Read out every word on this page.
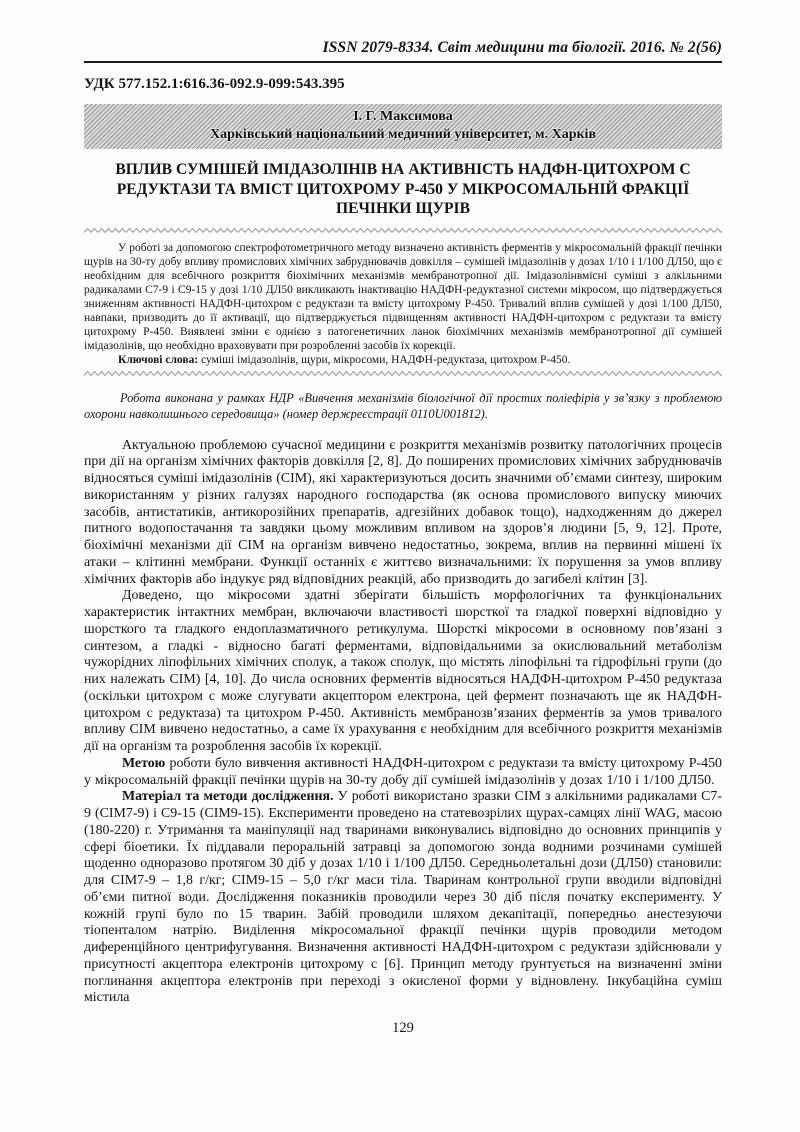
ISSN 2079-8334. Світ медицини та біології. 2016. № 2(56)
УДК 577.152.1:616.36-092.9-099:543.395
І. Г. Максимова
Харківський національний медичний університет, м. Харків
ВПЛИВ СУМІШЕЙ ІМІДАЗОЛІНІВ НА АКТИВНІСТЬ НАДФН-ЦИТОХРОМ С РЕДУКТАЗИ ТА ВМІСТ ЦИТОХРОМУ Р-450 У МІКРОСОМАЛЬНІЙ ФРАКЦІЇ ПЕЧІНКИ ЩУРІВ

У роботі за допомогою спектрофотометричного методу визначено активність ферментів у мікросомальній фракції печінки щурів на 30-ту добу впливу промислових хімічних забруднювачів довкілля – сумішей імідазолінів у дозах 1/10 і 1/100 ДЛ50, що є необхідним для всебічного розкриття біохімічних механізмів мембранотропної дії. Імідазолінвмісні суміші з алкільними радикалами С7-9 і С9-15 у дозі 1/10 ДЛ50 викликають інактивацію НАДФН-редуктазної системи мікросом, що підтверджується зниженням активності НАДФН-цитохром с редуктази та вмісту цитохрому Р-450. Тривалий вплив сумішей у дозі 1/100 ДЛ50, навпаки, призводить до її активації, що підтверджується підвищенням активності НАДФН-цитохром с редуктази та вмісту цитохрому Р-450. Виявлені зміни є однією з патогенетичних ланок біохімічних механізмів мембранотропної дії сумішей імідазолінів, що необхідно враховувати при розробленні засобів їх корекції.

Ключові слова: суміші імідазолінів, щури, мікросоми, НАДФН-редуктаза, цитохром Р-450.

Робота виконана у рамках НДР «Вивчення механізмів біологічної дії простих поліефірів у зв’язку з проблемою охорони навколишнього середовища» (номер держреєстрації 0110U001812).

Актуальною проблемою сучасної медицини є розкриття механізмів розвитку патологічних процесів при дії на організм хімічних факторів довкілля [2, 8]. До поширених промислових хімічних забруднювачів відносяться суміші імідазолінів (СІМ), які характеризуються досить значними об’ємами синтезу, широким використанням у різних галузях народного господарства (як основа промислового випуску миючих засобів, антистатиків, антикорозійних препаратів, адгезійних добавок тощо), надходженням до джерел питного водопостачання та завдяки цьому можливим впливом на здоров’я людини [5, 9, 12]. Проте, біохімічні механізми дії СІМ на організм вивчено недостатньо, зокрема, вплив на первинні мішені їх атаки – клітинні мембрани. Функції останніх є життєво визначальними: їх порушення за умов впливу хімічних факторів або індукує ряд відповідних реакцій, або призводить до загибелі клітин [3].

Доведено, що мікросоми здатні зберігати більшість морфологічних та функціональних характеристик інтактних мембран, включаючи властивості шорсткої та гладкої поверхні відповідно у шорсткого та гладкого ендоплазматичного ретикулума. Шорсткі мікросоми в основному пов’язані з синтезом, а гладкі - відносно багаті ферментами, відповідальними за окислювальний метаболізм чужорідних ліпофільних хімічних сполук, а також сполук, що містять ліпофільні та гідрофільні групи (до них належать СІМ) [4, 10]. До числа основних ферментів відносяться НАДФН-цитохром Р-450 редуктаза (оскільки цитохром с може слугувати акцептором електрона, цей фермент позначають ще як НАДФН-цитохром с редуктаза) та цитохром Р-450. Активність мембранозв’язаних ферментів за умов тривалого впливу СІМ вивчено недостатньо, а саме їх урахування є необхідним для всебічного розкриття механізмів дії на організм та розроблення засобів їх корекції.

Метою роботи було вивчення активності НАДФН-цитохром с редуктази та вмісту цитохрому Р-450 у мікросомальній фракції печінки щурів на 30-ту добу дії сумішей імідазолінів у дозах 1/10 і 1/100 ДЛ50.

Матеріал та методи дослідження. У роботі використано зразки СІМ з алкільними радикалами С7-9 (СІМ7-9) і С9-15 (СІМ9-15). Експерименти проведено на статевозрілих щурах-самцях лінії WAG, масою (180-220) г. Утримання та маніпуляції над тваринами виконувались відповідно до основних принципів у сфері біоетики. Їх піддавали пероральній затравці за допомогою зонда водними розчинами сумішей щоденно одноразово протягом 30 діб у дозах 1/10 і 1/100 ДЛ50. Середньолетальні дози (ДЛ50) становили: для СІМ7-9 – 1,8 г/кг; СІМ9-15 – 5,0 г/кг маси тіла. Тваринам контрольної групи вводили відповідні об’єми питної води. Дослідження показників проводили через 30 діб після початку експерименту. У кожній групі було по 15 тварин. Забій проводили шляхом декапітації, попередньо анестезуючи тіопенталом натрію. Виділення мікросомальної фракції печінки щурів проводили методом диференційного центрифугування. Визначення активності НАДФН-цитохром с редуктази здійснювали у присутності акцептора електронів цитохрому с [6]. Принцип методу ґрунтується на визначенні зміни поглинання акцептора електронів при переході з окисленої форми у відновлену. Інкубаційна суміш містила

129
